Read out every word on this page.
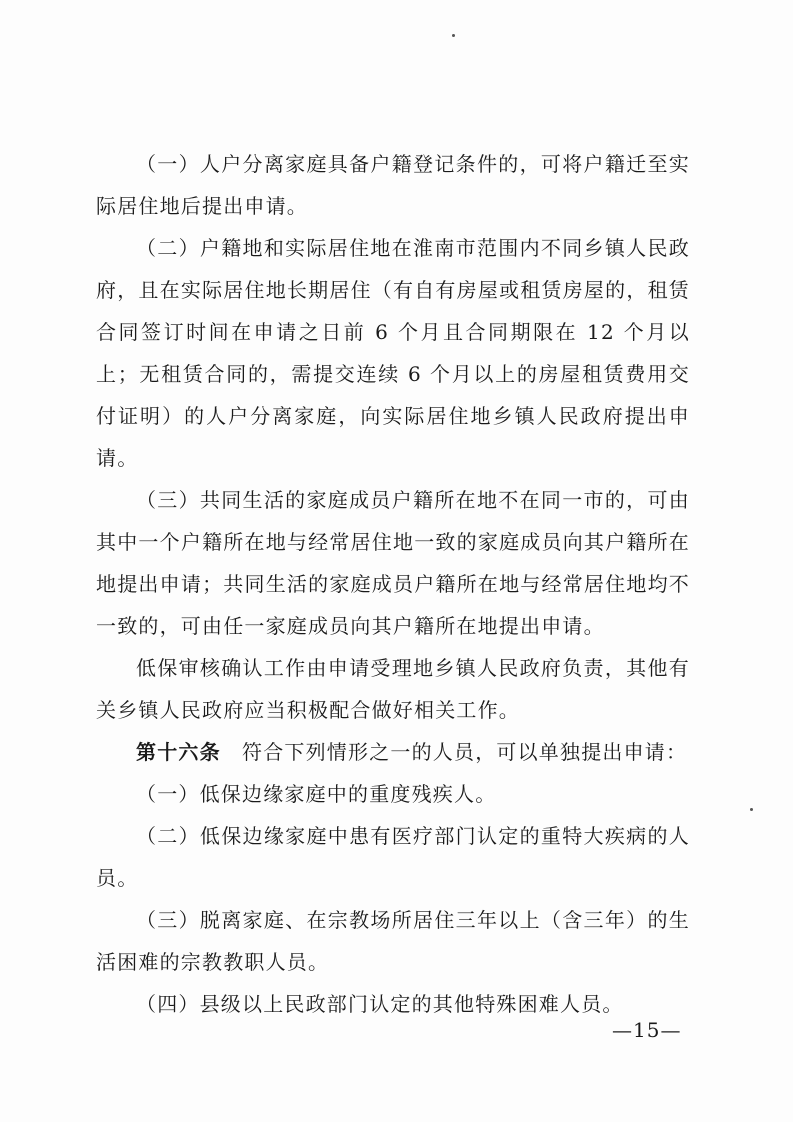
（一）人户分离家庭具备户籍登记条件的，可将户籍迁至实际居住地后提出申请。

（二）户籍地和实际居住地在淮南市范围内不同乡镇人民政府，且在实际居住地长期居住（有自有房屋或租赁房屋的，租赁合同签订时间在申请之日前 6 个月且合同期限在 12 个月以上；无租赁合同的，需提交连续 6 个月以上的房屋租赁费用交付证明）的人户分离家庭，向实际居住地乡镇人民政府提出申请。

（三）共同生活的家庭成员户籍所在地不在同一市的，可由其中一个户籍所在地与经常居住地一致的家庭成员向其户籍所在地提出申请；共同生活的家庭成员户籍所在地与经常居住地均不一致的，可由任一家庭成员向其户籍所在地提出申请。

低保审核确认工作由申请受理地乡镇人民政府负责，其他有关乡镇人民政府应当积极配合做好相关工作。

第十六条　符合下列情形之一的人员，可以单独提出申请：

（一）低保边缘家庭中的重度残疾人。

（二）低保边缘家庭中患有医疗部门认定的重特大疾病的人员。

（三）脱离家庭、在宗教场所居住三年以上（含三年）的生活困难的宗教教职人员。

（四）县级以上民政部门认定的其他特殊困难人员。

—15—
